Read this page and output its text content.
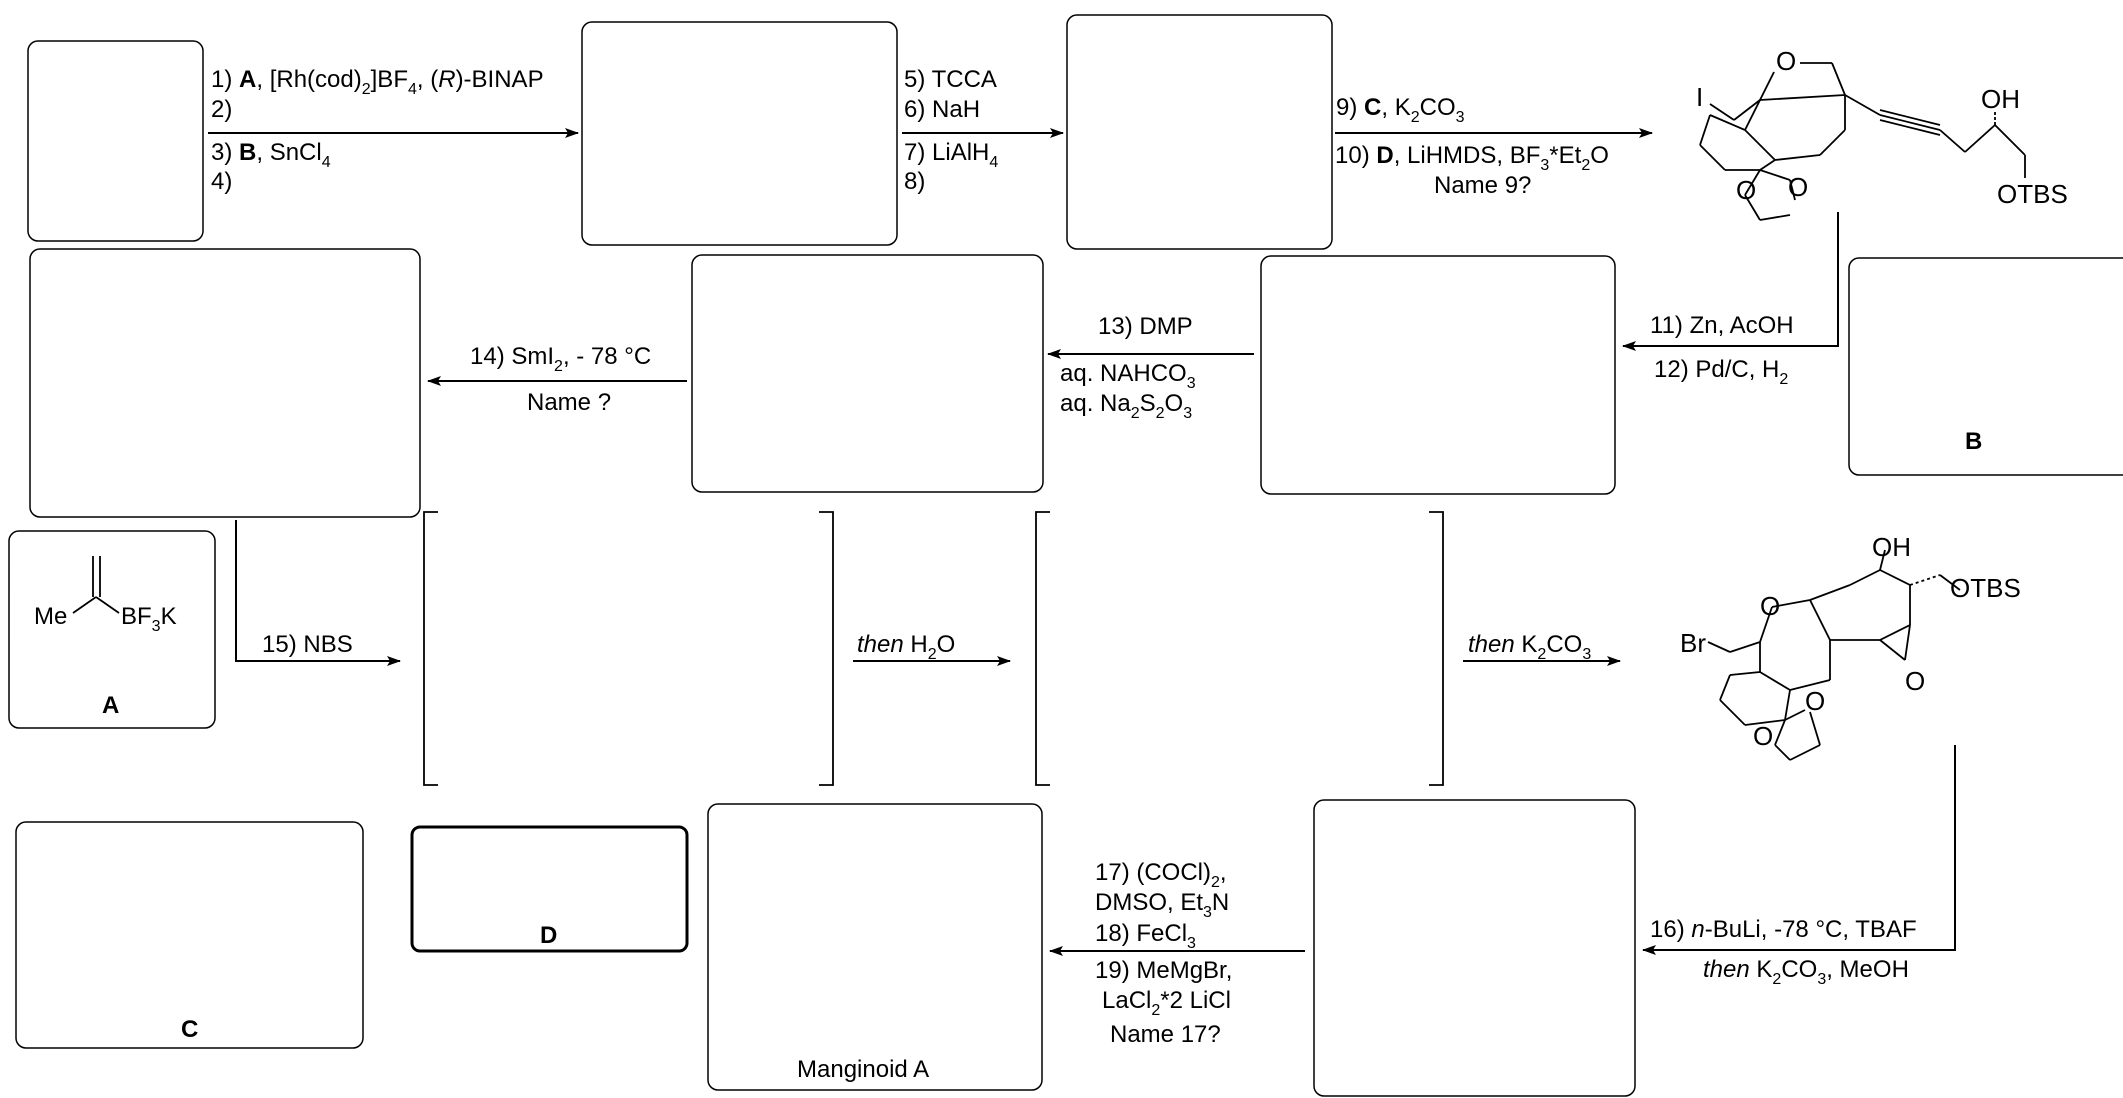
B
A
C
D
Manginoid A
1) A, $[Rh(cod)_2]BF_4$, (R)-BINAP
2)
3) B, SnCl$_4$
4)
5) TCCA
6) NaH
7) LiAlH$_4$
8)
9) C, $K_2CO_3$
10) D, LiHMDS, $BF_3*Et_2O$
Name 9?
11) Zn, AcOH
12) Pd/C, $H_2$
13) DMP
aq. $NAHCO_3$
aq. $Na_2S_2O_3$
14) SmI$_2$, - 78 °C
Name ?
15) NBS	then $H_2O$	then $K_2CO_3$
16) n-BuLi, -78 °C, TBAF
then $K_2CO_3$, MeOH
17) $(COCl)_2$,
DMSO, $Et_3N$
18) FeCl$_3$
19) MeMgBr,
LaCl$_2$*2 LiCl
Name 17?
Me $BF_3K$
I
O
OH
OTBS
O
O
Br
OH
OTBS
O
O
O
O
